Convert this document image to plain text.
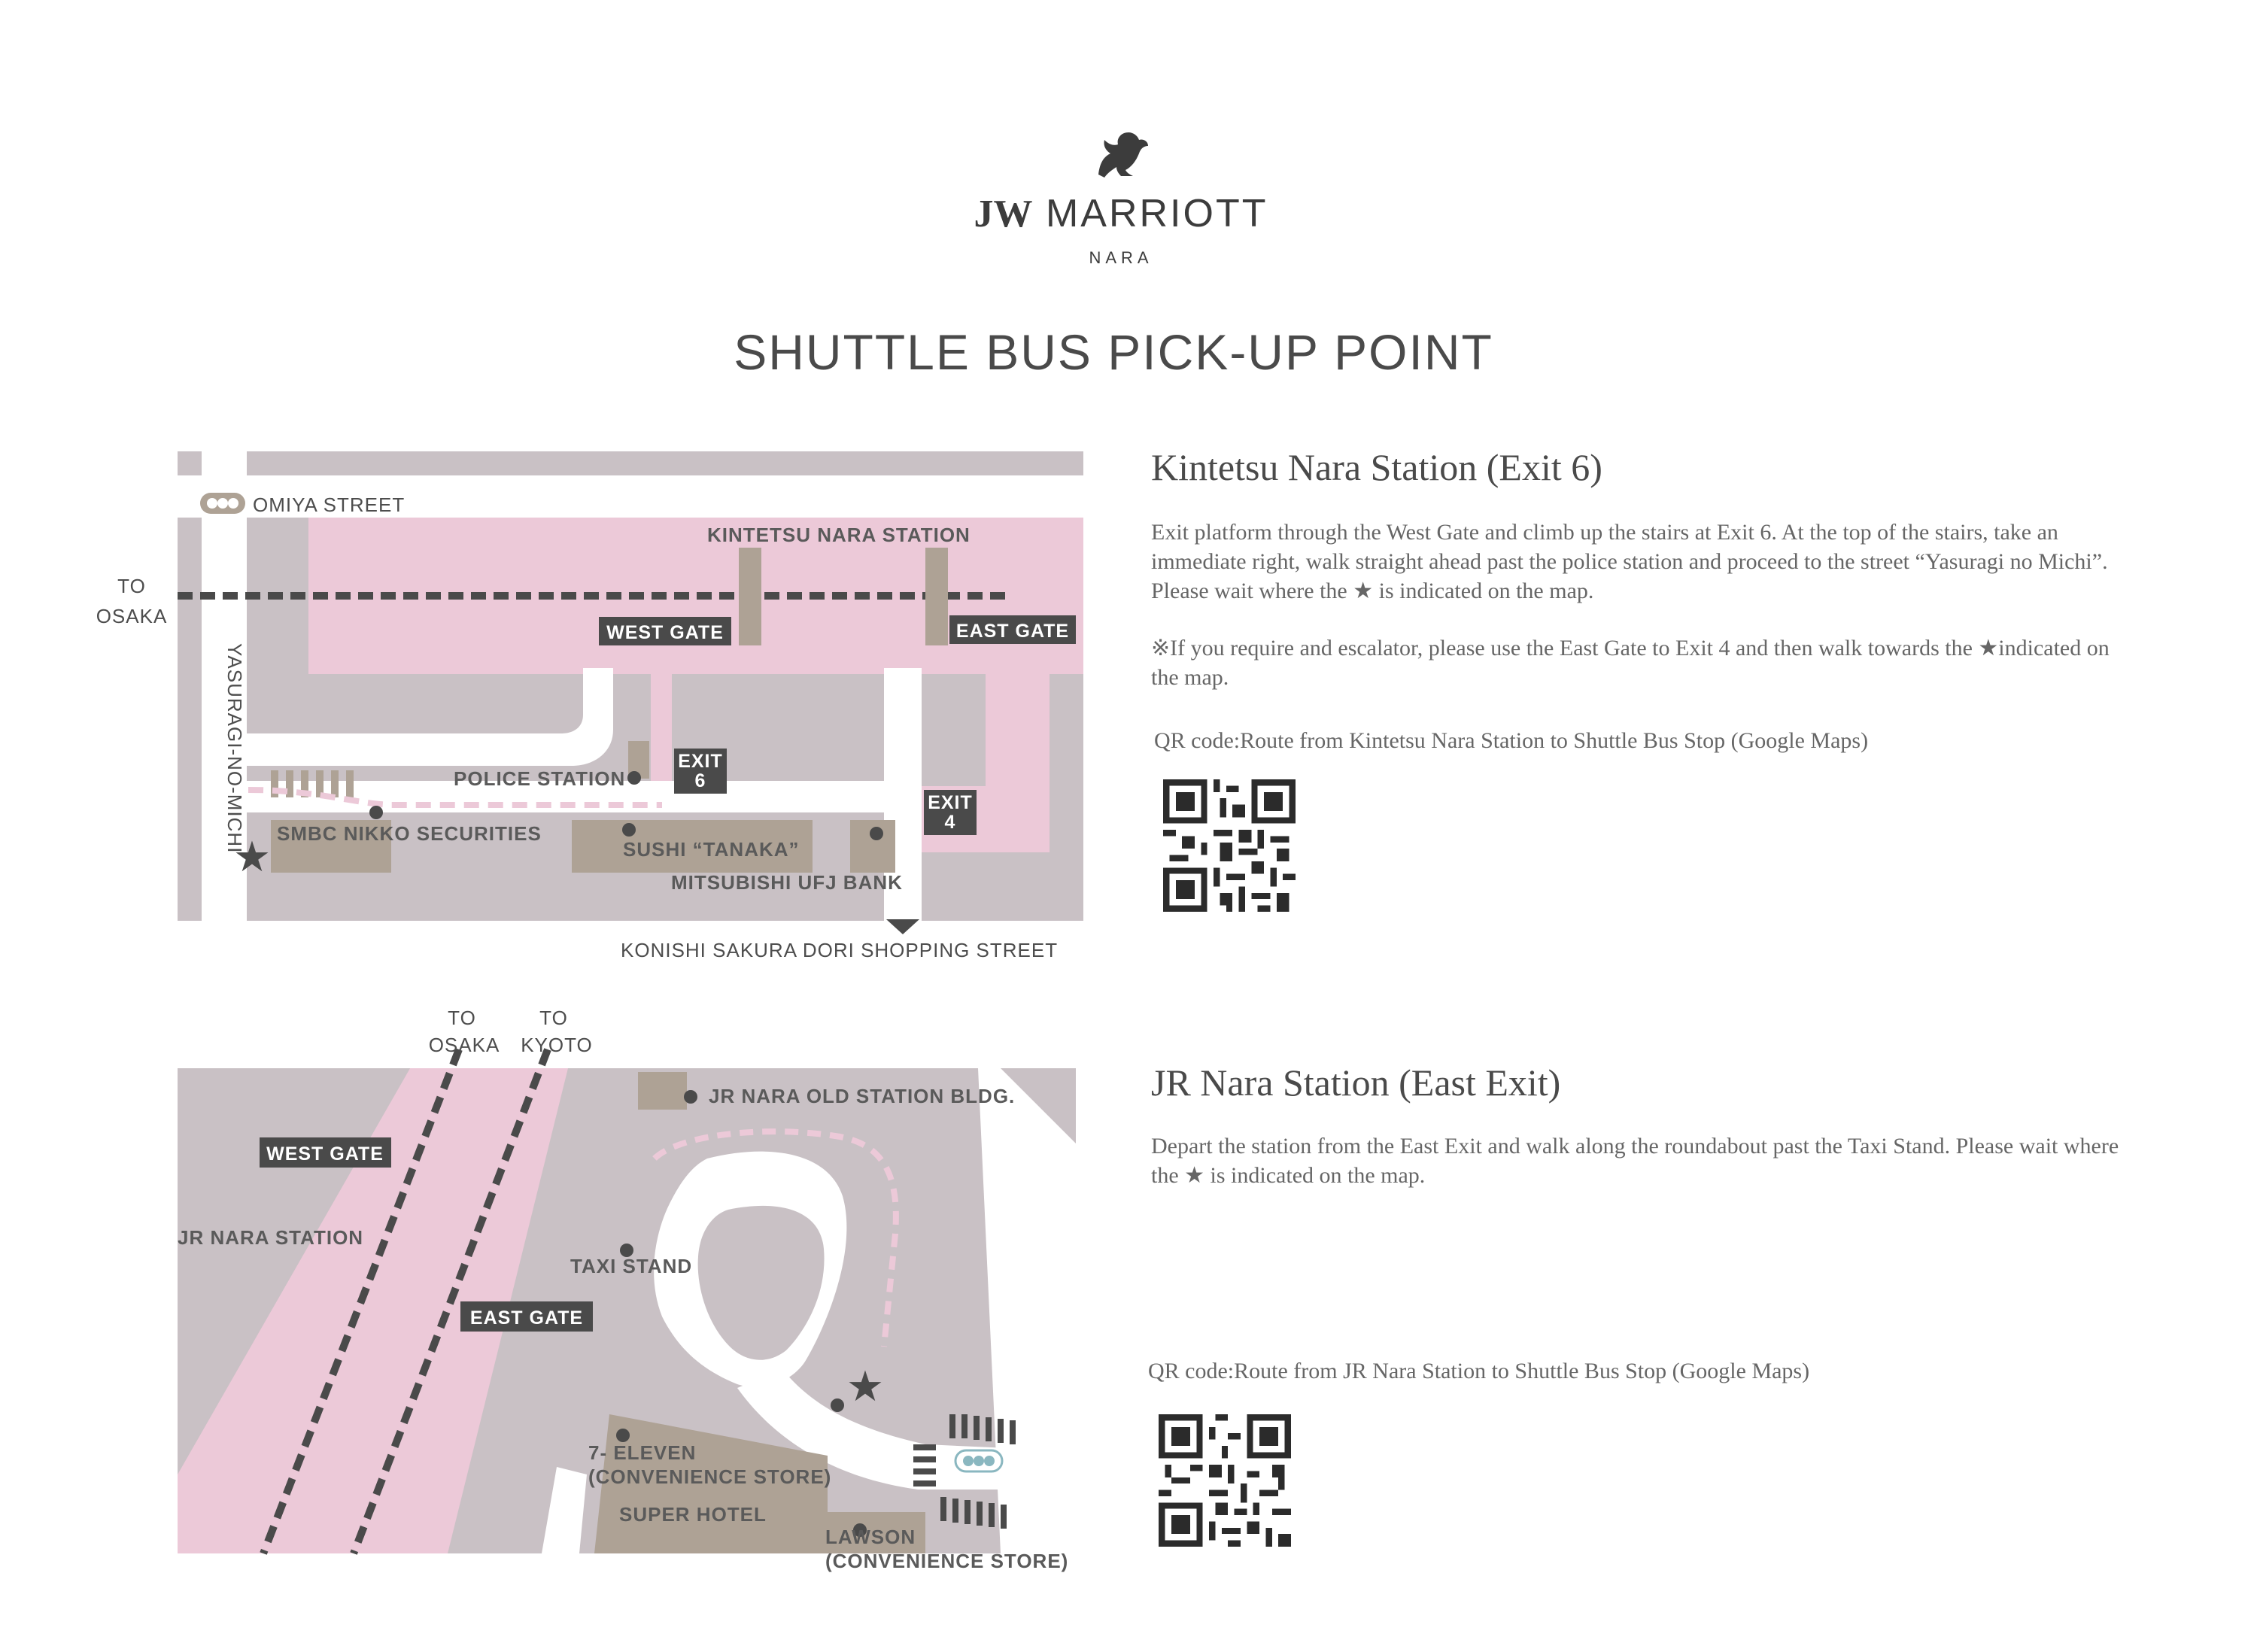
JW MARRIOTT
NARA
SHUTTLE BUS PICK-UP POINT
★
OMIYA STREET
TO
OSAKA
KINTETSU NARA STATION
WEST GATE	EAST GATE
YASURAGI-NO-MICHI	POLICE STATION
EXIT
6
EXIT
4
SMBC NIKKO SECURITIES
SUSHI “TANAKA”
MITSUBISHI UFJ BANK
KONISHI SAKURA DORI SHOPPING STREET
★
TO
OSAKA
TO
KYOTO
JR NARA OLD STATION BLDG.
WEST GATE
JR NARA STATION
TAXI STAND
EAST GATE
7- ELEVEN
(CONVENIENCE STORE)
SUPER HOTEL
LAWSON
(CONVENIENCE STORE)
Kintetsu Nara Station (Exit 6)
Exit platform through the West Gate and climb up the stairs at Exit 6. At the top of the stairs, take an immediate right, walk straight ahead past the police station and proceed to the street “Yasuragi no Michi”. Please wait where the ★ is indicated on the map.
※If you require and escalator, please use the East Gate to Exit 4 and then walk towards the ★indicated on the map.
QR code:Route from Kintetsu Nara Station to Shuttle Bus Stop (Google Maps)
JR Nara Station (East Exit)
Depart the station from the East Exit and walk along the roundabout past the Taxi Stand. Please wait where the ★ is indicated on the map.
QR code:Route from JR Nara Station to Shuttle Bus Stop (Google Maps)
